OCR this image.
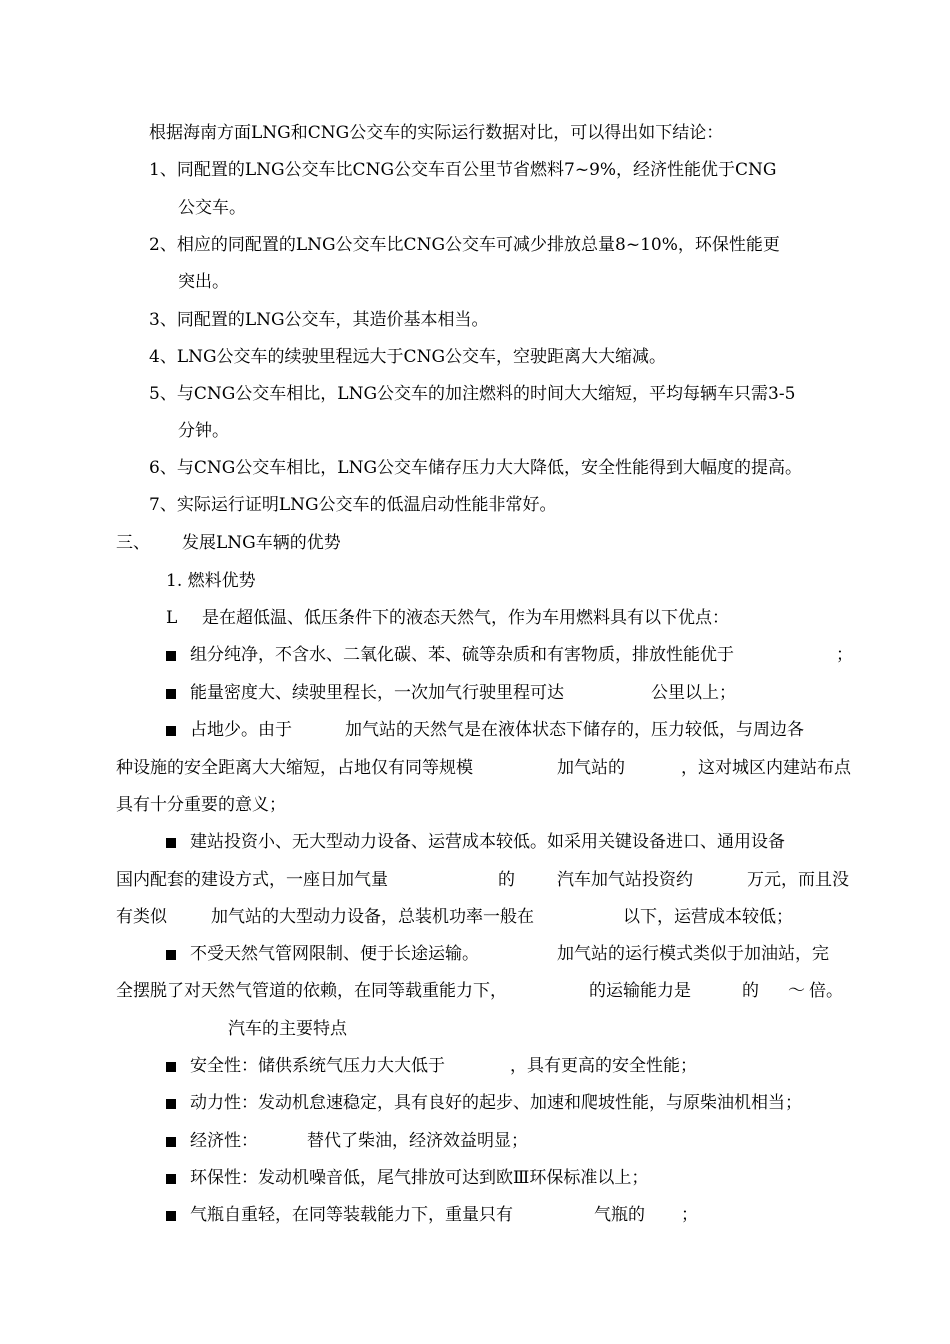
根据海南方面LNG和CNG公交车的实际运行数据对比，可以得出如下结论：
1、同配置的LNG公交车比CNG公交车百公里节省燃料7~9%，经济性能优于CNG
公交车。
2、相应的同配置的LNG公交车比CNG公交车可减少排放总量8~10%，环保性能更
突出。
3、同配置的LNG公交车，其造价基本相当。
4、LNG公交车的续驶里程远大于CNG公交车，空驶距离大大缩减。
5、与CNG公交车相比，LNG公交车的加注燃料的时间大大缩短，平均每辆车只需3-5
分钟。
6、与CNG公交车相比，LNG公交车储存压力大大降低，安全性能得到大幅度的提高。
7、实际运行证明LNG公交车的低温启动性能非常好。
三、 发展LNG车辆的优势
1. 燃料优势
L 是在超低温、低压条件下的液态天然气，作为车用燃料具有以下优点：
组分纯净，不含水、二氧化碳、苯、硫等杂质和有害物质，排放性能优于	；
能量密度大、续驶里程长，一次加气行驶里程可达	公里以上；
占地少。由于	加气站的天然气是在液体状态下储存的，压力较低，与周边各
种设施的安全距离大大缩短，占地仅有同等规模	加气站的	，这对城区内建站布点
具有十分重要的意义；
建站投资小、无大型动力设备、运营成本较低。如采用关键设备进口、通用设备
国内配套的建设方式，一座日加气量	的 汽车加气站投资约	万元，而且没
有类似	加气站的大型动力设备，总装机功率一般在	以下，运营成本较低；
不受天然气管网限制、便于长途运输。	加气站的运行模式类似于加油站，完
全摆脱了对天然气管道的依赖，在同等载重能力下，	的运输能力是	的 ～ 倍。
汽车的主要特点
安全性：储供系统气压力大大低于	，具有更高的安全性能；
动力性：发动机怠速稳定，具有良好的起步、加速和爬坡性能，与原柴油机相当；
经济性：	替代了柴油，经济效益明显；
环保性：发动机噪音低，尾气排放可达到欧Ⅲ环保标准以上；
气瓶自重轻，在同等装载能力下，重量只有	气瓶的 ；
